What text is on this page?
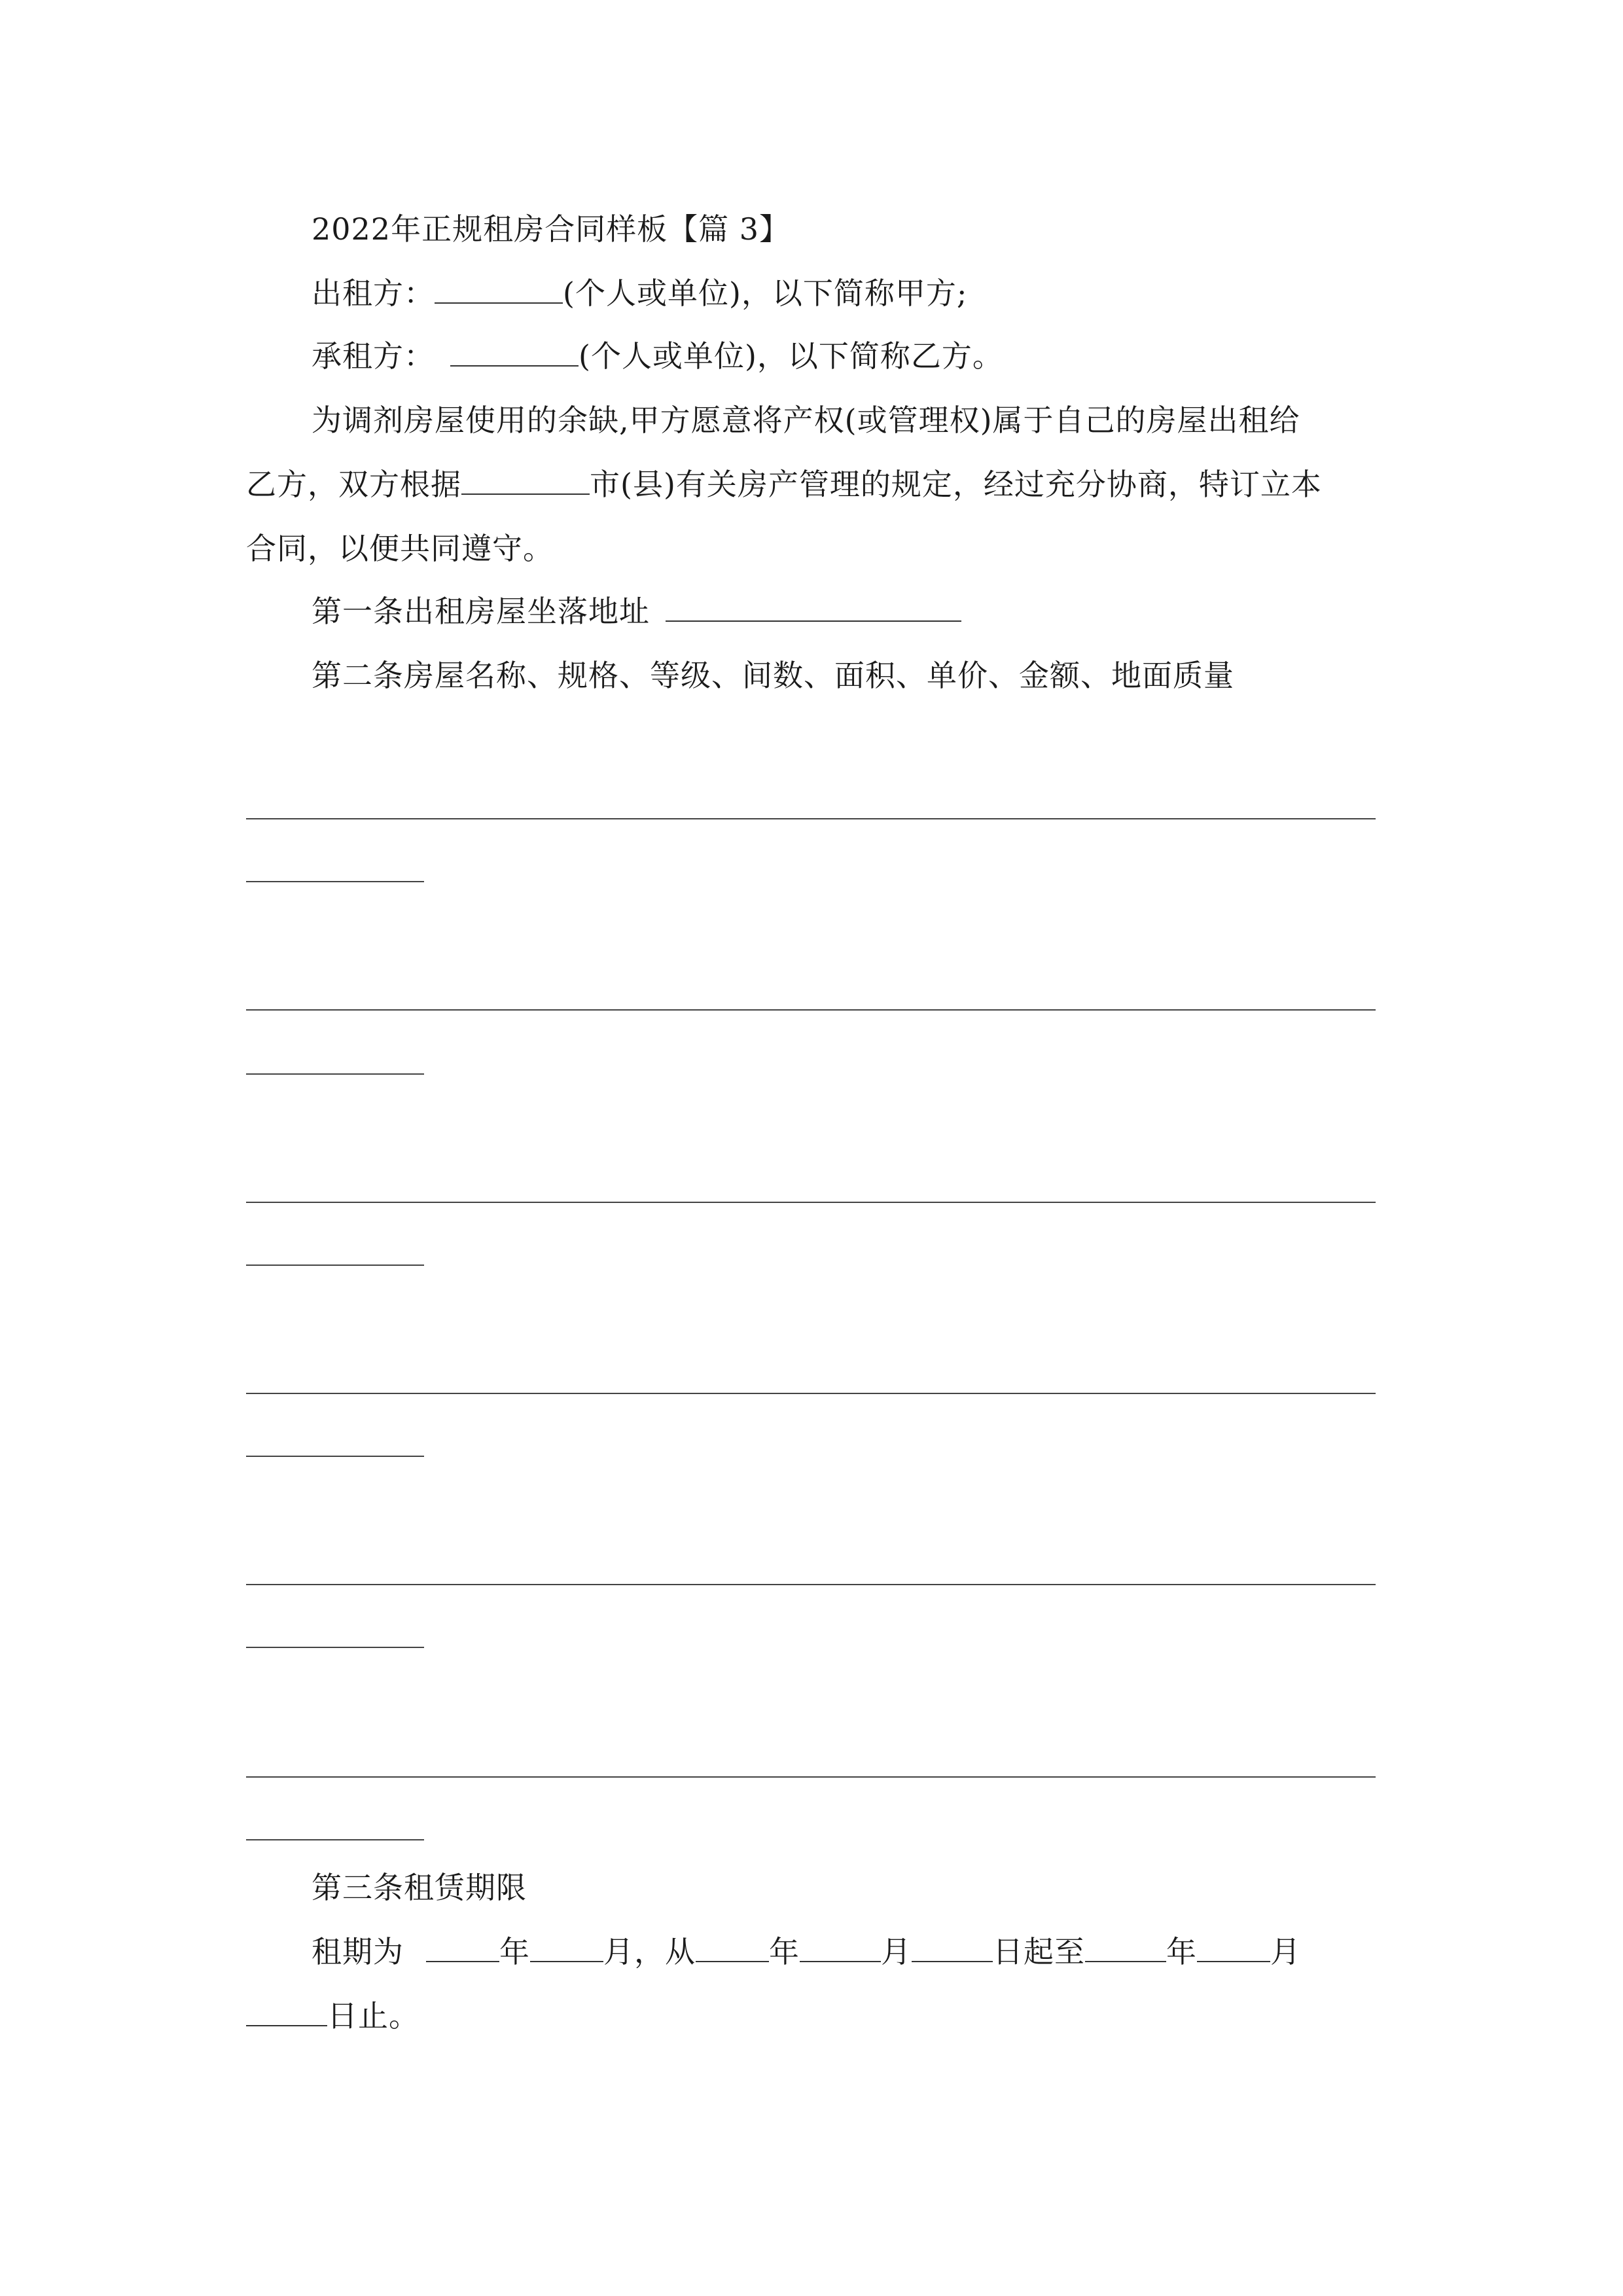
2022年正规租房合同样板【篇 3】
出租方：	(个人或单位)，以下简称甲方;
承租方：	(个人或单位)，以下简称乙方。
为调剂房屋使用的余缺,甲方愿意将产权(或管理权)属于自己的房屋出租给
乙方，双方根据	市(县)有关房产管理的规定，经过充分协商，特订立本
合同，以便共同遵守。
第一条出租房屋坐落地址
第二条房屋名称、规格、等级、间数、面积、单价、金额、地面质量
第三条租赁期限
租期为	年 月，从 年	月	日起至	年 月
日止。
